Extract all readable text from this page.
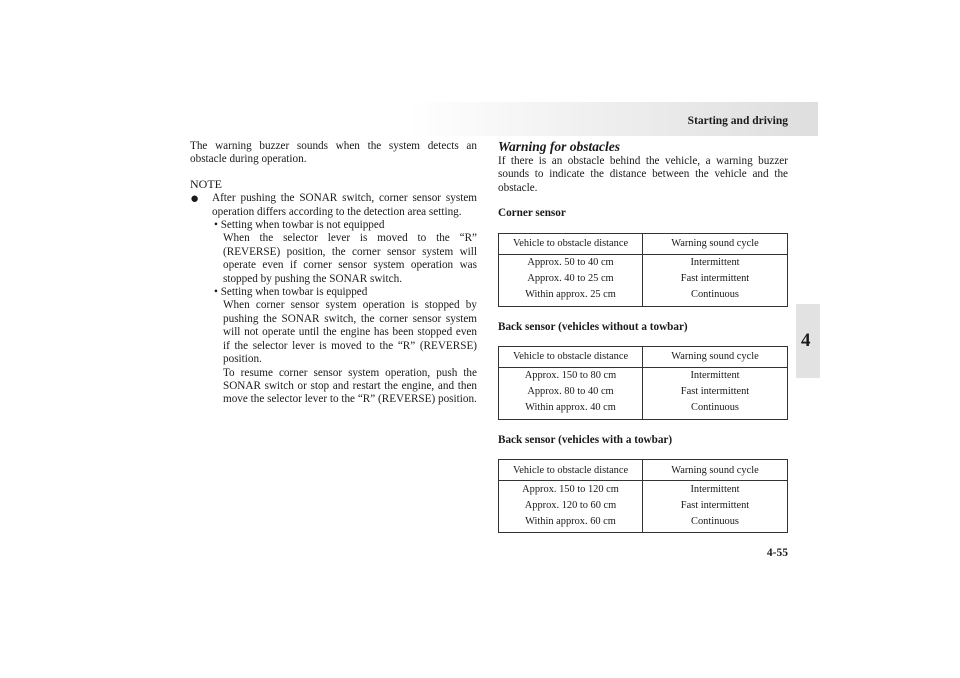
Starting and driving
4

The warning buzzer sounds when the system detects an obstacle during operation.

NOTE
●	After pushing the SONAR switch, corner sensor system operation differs according to the detection area setting.

• Setting when towbar is not equipped

When the selector lever is moved to the “R” (REVERSE) position, the corner sensor system will operate even if corner sensor system operation was stopped by pushing the SONAR switch.

• Setting when towbar is equipped

When corner sensor system operation is stopped by pushing the SONAR switch, the corner sensor system will not operate until the engine has been stopped even if the selector lever is moved to the “R” (REVERSE) position.

To resume corner sensor system operation, push the SONAR switch or stop and restart the engine, and then move the selector lever to the “R” (REVERSE) position.

Warning for obstacles

If there is an obstacle behind the vehicle, a warning buzzer sounds to indicate the distance between the vehicle and the obstacle.

Corner sensor
Vehicle to obstacle distance	Warning sound cycle
Approx. 50 to 40 cm	Intermittent
Approx. 40 to 25 cm	Fast intermittent
Within approx. 25 cm	Continuous
Back sensor (vehicles without a towbar)
Vehicle to obstacle distance	Warning sound cycle
Approx. 150 to 80 cm	Intermittent
Approx. 80 to 40 cm	Fast intermittent
Within approx. 40 cm	Continuous
Back sensor (vehicles with a towbar)
Vehicle to obstacle distance	Warning sound cycle
Approx. 150 to 120 cm	Intermittent
Approx. 120 to 60 cm	Fast intermittent
Within approx. 60 cm	Continuous
4-55
